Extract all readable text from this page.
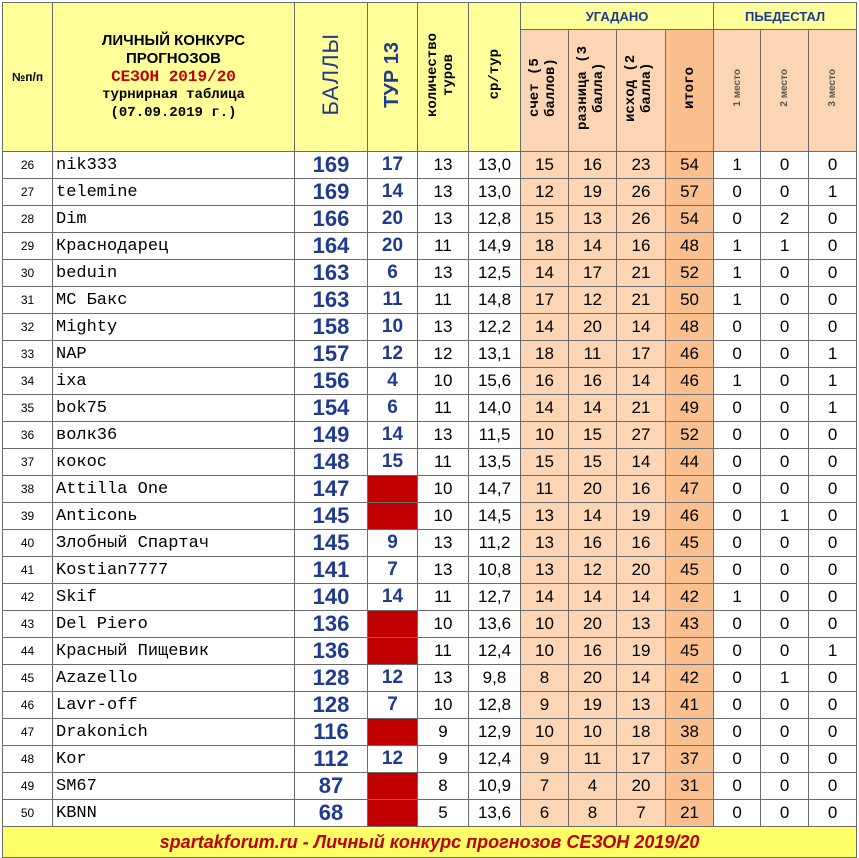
№п/п	ЛИЧНЫЙ КОНКУРС
ПРОГНОЗОВ
СЕЗОН 2019/20
турнирная таблица
(07.09.2019 г.)	БАЛЛЫ	ТУР 13	количество туров	ср/тур	УГАДАНО				ПЬЕДЕСТАЛ		
						счет (5 баллов)	разница (3 балла)	исход (2 балла)	итого	1 место	2 место	3 место
26	nik333	169	17	13	13,0	15	16	23	54	1	0	0
27	telemine	169	14	13	13,0	12	19	26	57	0	0	1
28	Dim	166	20	13	12,8	15	13	26	54	0	2	0
29	Краснодарец	164	20	11	14,9	18	14	16	48	1	1	0
30	beduin	163	6	13	12,5	14	17	21	52	1	0	0
31	MC Бакс	163	11	11	14,8	17	12	21	50	1	0	0
32	Mighty	158	10	13	12,2	14	20	14	48	0	0	0
33	NAP	157	12	12	13,1	18	11	17	46	0	0	1
34	ixa	156	4	10	15,6	16	16	14	46	1	0	1
35	bok75	154	6	11	14,0	14	14	21	49	0	0	1
36	волк36	149	14	13	11,5	10	15	27	52	0	0	0
37	кокос	148	15	11	13,5	15	15	14	44	0	0	0
38	Attilla One	147		10	14,7	11	20	16	47	0	0	0
39	Anticonь	145		10	14,5	13	14	19	46	0	1	0
40	Злобный Спартач	145	9	13	11,2	13	16	16	45	0	0	0
41	Kostian7777	141	7	13	10,8	13	12	20	45	0	0	0
42	Skif	140	14	11	12,7	14	14	14	42	1	0	0
43	Del Piero	136		10	13,6	10	20	13	43	0	0	0
44	Красный Пищевик	136		11	12,4	10	16	19	45	0	0	1
45	Azazello	128	12	13	9,8	8	20	14	42	0	1	0
46	Lavr-off	128	7	10	12,8	9	19	13	41	0	0	0
47	Drakonich	116		9	12,9	10	10	18	38	0	0	0
48	Kor	112	12	9	12,4	9	11	17	37	0	0	0
49	SM67	87		8	10,9	7	4	20	31	0	0	0
50	KBNN	68		5	13,6	6	8	7	21	0	0	0
spartakforum.ru - Личный конкурс прогнозов СЕЗОН 2019/20												
